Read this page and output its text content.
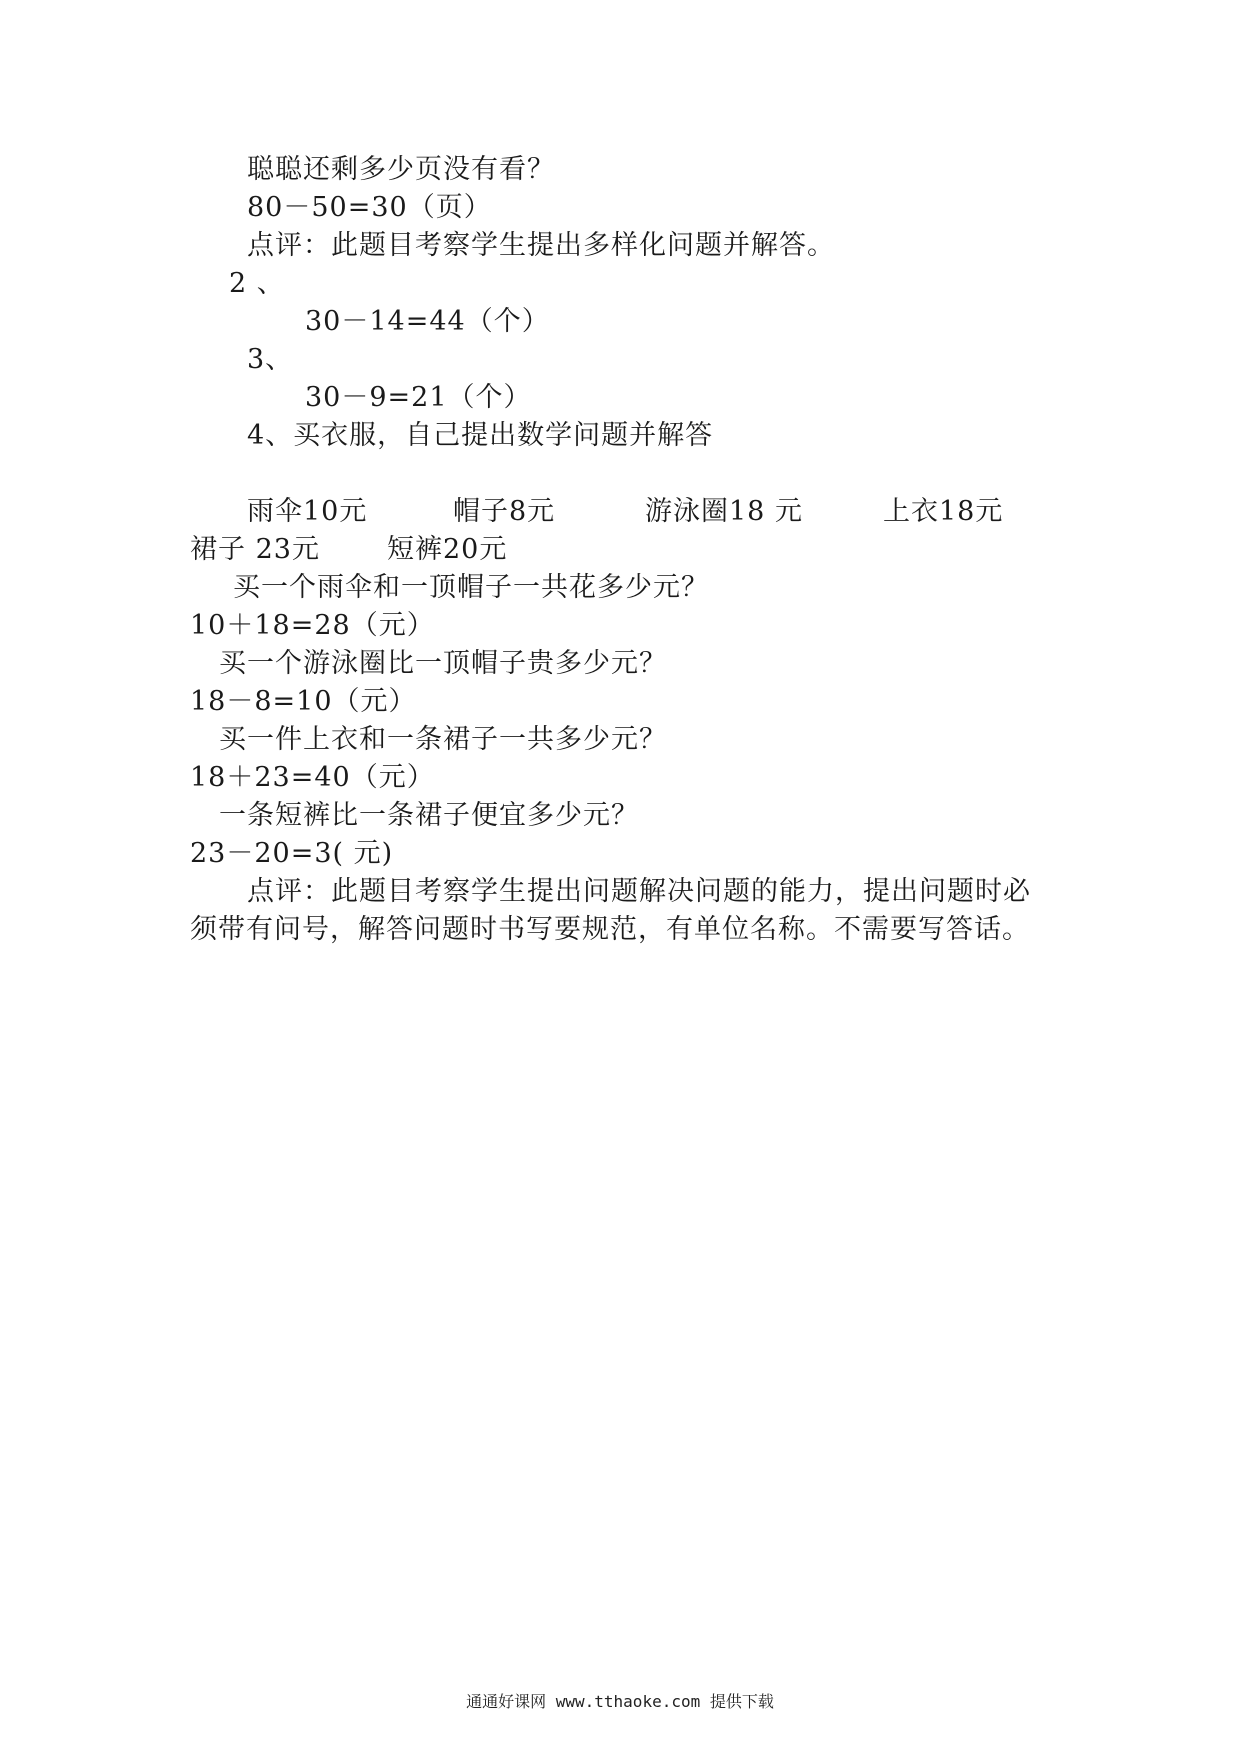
聪聪还剩多少页没有看？
80－50=30（页）
点评：此题目考察学生提出多样化问题并解答。
2 、
30－14=44（个）
3、
30－9=21（个）
4、买衣服，自己提出数学问题并解答
雨伞10元	帽子8元	游泳圈18 元	上衣18元
裙子 23元 短裤20元
买一个雨伞和一顶帽子一共花多少元？
10＋18=28（元）
买一个游泳圈比一顶帽子贵多少元？
18－8=10（元）
买一件上衣和一条裙子一共多少元？
18＋23=40（元）
一条短裤比一条裙子便宜多少元？
23－20=3( 元)
点评：此题目考察学生提出问题解决问题的能力，提出问题时必
须带有问号，解答问题时书写要规范，有单位名称。不需要写答话。
通通好课网 www.tthaoke.com 提供下载
